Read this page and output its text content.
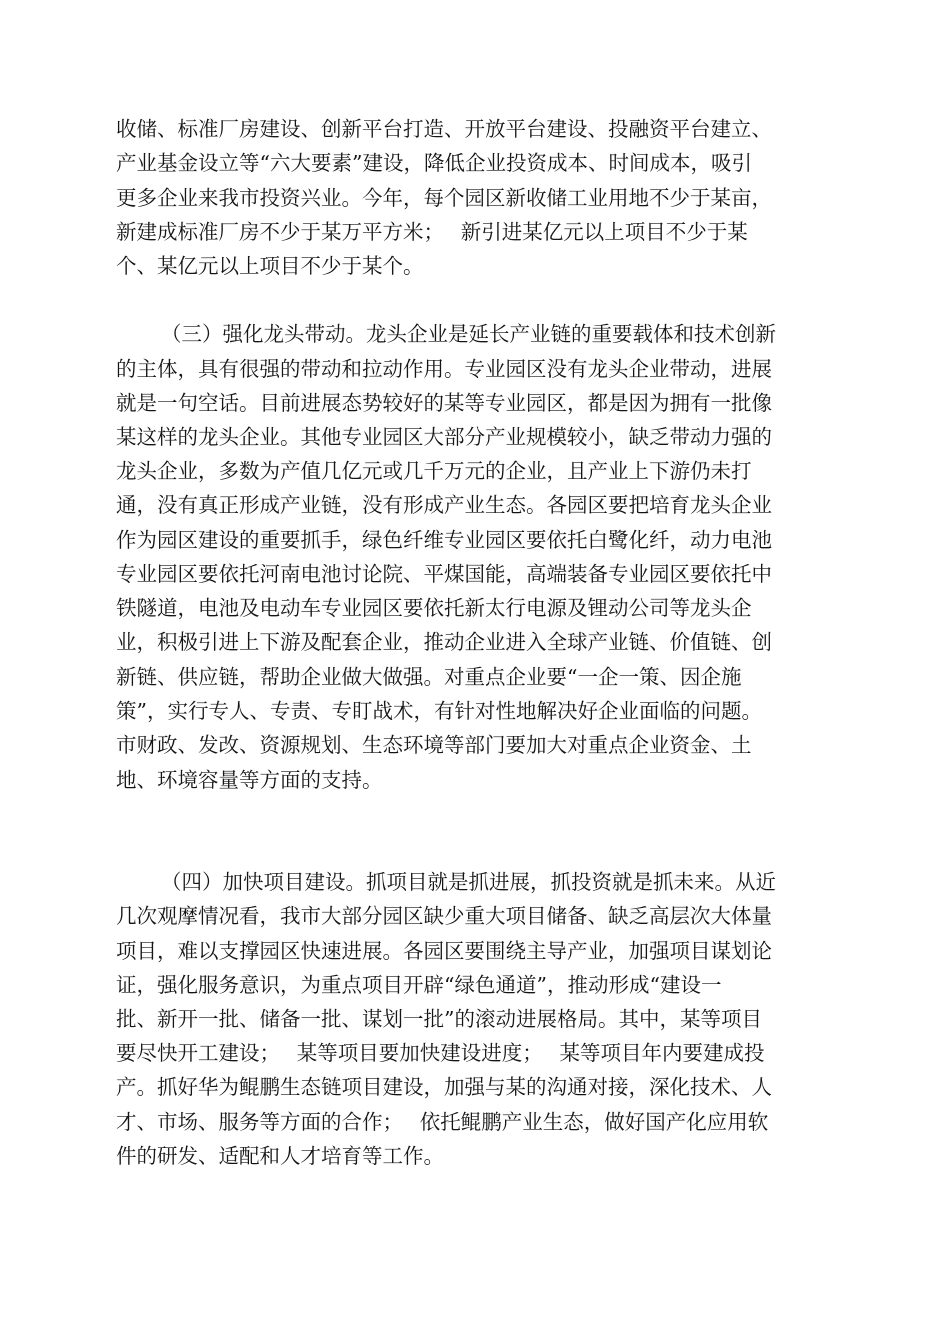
收储、标准厂房建设、创新平台打造、开放平台建设、投融资平台建立、
产业基金设立等“六大要素”建设，降低企业投资成本、时间成本，吸引
更多企业来我市投资兴业。今年，每个园区新收储工业用地不少于某亩，
新建成标准厂房不少于某万平方米；　 新引进某亿元以上项目不少于某
个、某亿元以上项目不少于某个。
（三）强化龙头带动。龙头企业是延长产业链的重要载体和技术创新
的主体，具有很强的带动和拉动作用。专业园区没有龙头企业带动，进展
就是一句空话。目前进展态势较好的某等专业园区，都是因为拥有一批像
某这样的龙头企业。其他专业园区大部分产业规模较小，缺乏带动力强的
龙头企业，多数为产值几亿元或几千万元的企业，且产业上下游仍未打
通，没有真正形成产业链，没有形成产业生态。各园区要把培育龙头企业
作为园区建设的重要抓手，绿色纤维专业园区要依托白鹭化纤，动力电池
专业园区要依托河南电池讨论院、平煤国能，高端装备专业园区要依托中
铁隧道，电池及电动车专业园区要依托新太行电源及锂动公司等龙头企
业，积极引进上下游及配套企业，推动企业进入全球产业链、价值链、创
新链、供应链，帮助企业做大做强。对重点企业要“一企一策、因企施
策”，实行专人、专责、专盯战术，有针对性地解决好企业面临的问题。
市财政、发改、资源规划、生态环境等部门要加大对重点企业资金、土
地、环境容量等方面的支持。
（四）加快项目建设。抓项目就是抓进展，抓投资就是抓未来。从近
几次观摩情况看，我市大部分园区缺少重大项目储备、缺乏高层次大体量
项目，难以支撑园区快速进展。各园区要围绕主导产业，加强项目谋划论
证，强化服务意识，为重点项目开辟“绿色通道”，推动形成“建设一
批、新开一批、储备一批、谋划一批”的滚动进展格局。其中，某等项目
要尽快开工建设；　 某等项目要加快建设进度；　 某等项目年内要建成投
产。抓好华为鲲鹏生态链项目建设，加强与某的沟通对接，深化技术、人
才、市场、服务等方面的合作；　 依托鲲鹏产业生态，做好国产化应用软
件的研发、适配和人才培育等工作。
